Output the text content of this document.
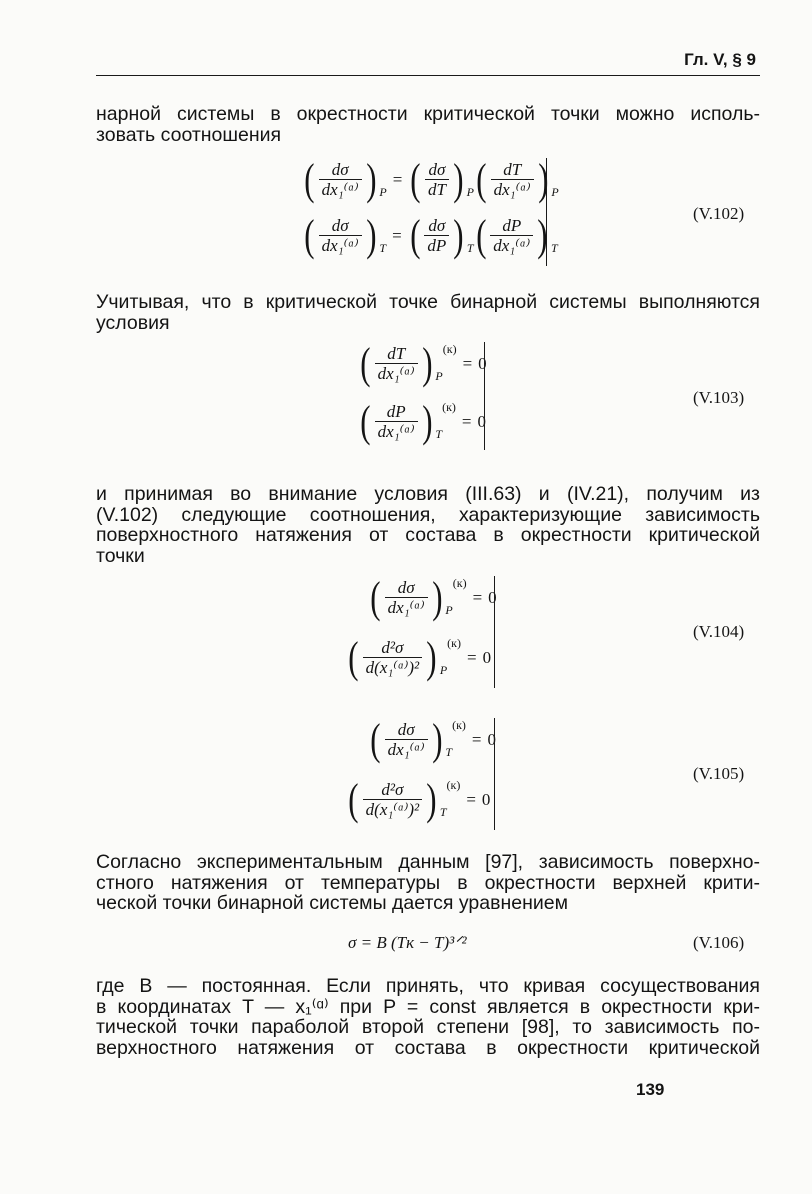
Гл. V, § 9
нарной системы в окрестности критической точки можно исполь-
зовать соотношения
( $\frac{d\sigma}{\text{dx₁⁽ᵅ⁾}}$ ) P
= ( $\frac{d\sigma}{dT}$ ) P ( $\frac{dT}{\text{dx₁⁽ᵅ⁾}}$ ) P
( $\frac{d\sigma}{\text{dx₁⁽ᵅ⁾}}$ ) T
= ( $\frac{d\sigma}{dP}$ ) T ( $\frac{dP}{\text{dx₁⁽ᵅ⁾}}$ ) T
(V.102)
Учитывая, что в критической точке бинарной системы выполняются
условия
( $\frac{dT}{\text{dx₁⁽ᵅ⁾}}$ ) P
(к)
= 0
( $\frac{dP}{\text{dx₁⁽ᵅ⁾}}$ ) T
(к)
= 0
(V.103)
и принимая во внимание условия (III.63) и (IV.21), получим из
(V.102) следующие соотношения, характеризующие зависимость
поверхностного натяжения от состава в окрестности критической
точки
( $\frac{d\sigma}{\text{dx₁⁽ᵅ⁾}}$ ) P
(к)
= 0
( $\frac{\text{d²σ}}{\text{d(x₁⁽ᵅ⁾)²}}$ ) P
(к)
= 0
(V.104)
( $\frac{d\sigma}{\text{dx₁⁽ᵅ⁾}}$ ) T
(к)
= 0
( $\frac{\text{d²σ}}{\text{d(x₁⁽ᵅ⁾)²}}$ ) T
(к)
= 0
(V.105)
Согласно экспериментальным данным [97], зависимость поверхно-
стного натяжения от температуры в окрестности верхней крити-
ческой точки бинарной системы дается уравнением
σ = B (Tк − T)³ᐟ²	(V.106)
где B — постоянная. Если принять, что кривая сосуществования
в координатах T — x₁⁽ᵅ⁾ при P = const является в окрестности кри-
тической точки параболой второй степени [98], то зависимость по-
верхностного натяжения от состава в окрестности критической
139
